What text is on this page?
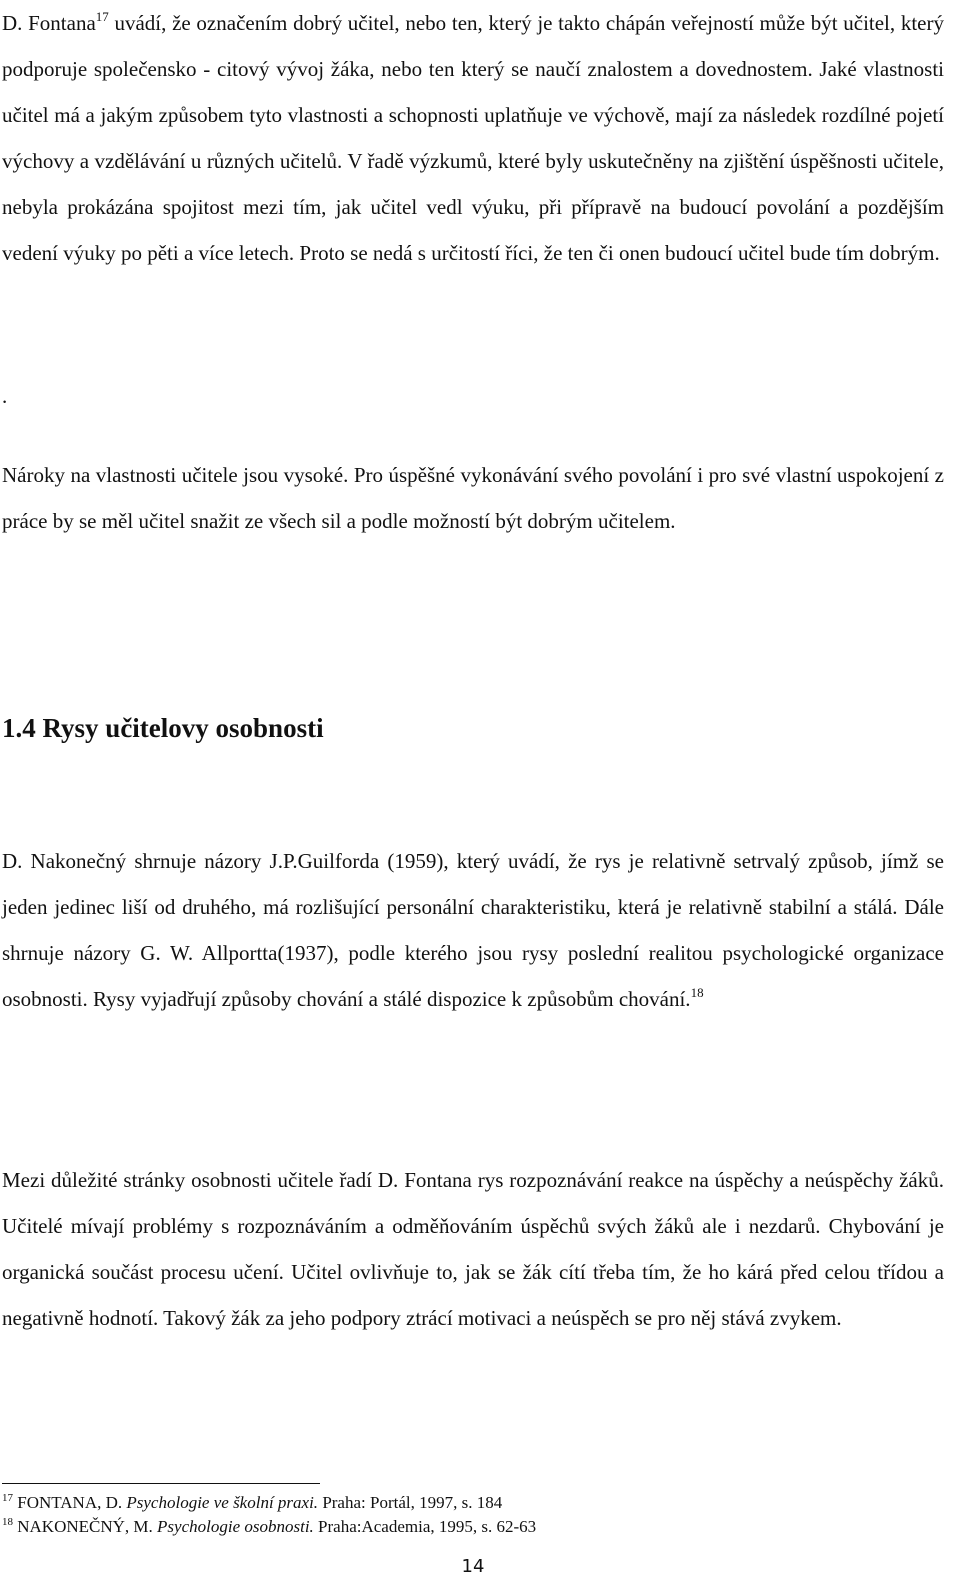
D. Fontana$^{17}$ uvádí, že označením dobrý učitel, nebo ten, který je takto chápán veřejností může být učitel, který podporuje společensko - citový vývoj žáka, nebo ten který se naučí znalostem a dovednostem. Jaké vlastnosti učitel má a jakým způsobem tyto vlastnosti a schopnosti uplatňuje ve výchově, mají za následek rozdílné pojetí výchovy a vzdělávání u různých učitelů. V řadě výzkumů, které byly uskutečněny na zjištění úspěšnosti učitele, nebyla prokázána spojitost mezi tím, jak učitel vedl výuku, při přípravě na budoucí povolání a pozdějším vedení výuky po pěti a více letech. Proto se nedá s určitostí říci, že ten či onen budoucí učitel bude tím dobrým.

.

Nároky na vlastnosti učitele jsou vysoké. Pro úspěšné vykonávání svého povolání i pro své vlastní uspokojení z práce by se měl učitel snažit ze všech sil a podle možností být dobrým učitelem.

1.4 Rysy učitelovy osobnosti

D. Nakonečný shrnuje názory J.P.Guilforda (1959), který uvádí, že rys je relativně setrvalý způsob, jímž se jeden jedinec liší od druhého, má rozlišující personální charakteristiku, která je relativně stabilní a stálá. Dále shrnuje názory G. W. Allportta(1937), podle kterého jsou rysy poslední realitou psychologické organizace osobnosti. Rysy vyjadřují způsoby chování a stálé dispozice k způsobům chování.$^{18}$

Mezi důležité stránky osobnosti učitele řadí D. Fontana rys rozpoznávání reakce na úspěchy a neúspěchy žáků. Učitelé mívají problémy s rozpoznáváním a odměňováním úspěchů svých žáků ale i nezdarů. Chybování je organická součást procesu učení. Učitel ovlivňuje to, jak se žák cítí třeba tím, že ho kárá před celou třídou a negativně hodnotí. Takový žák za jeho podpory ztrácí motivaci a neúspěch se pro něj stává zvykem.

$^{17}$ FONTANA, D. Psychologie ve školní praxi. Praha: Portál, 1997, s. 184
$^{18}$ NAKONEČNÝ, M. Psychologie osobnosti. Praha:Academia, 1995, s. 62-63
14
